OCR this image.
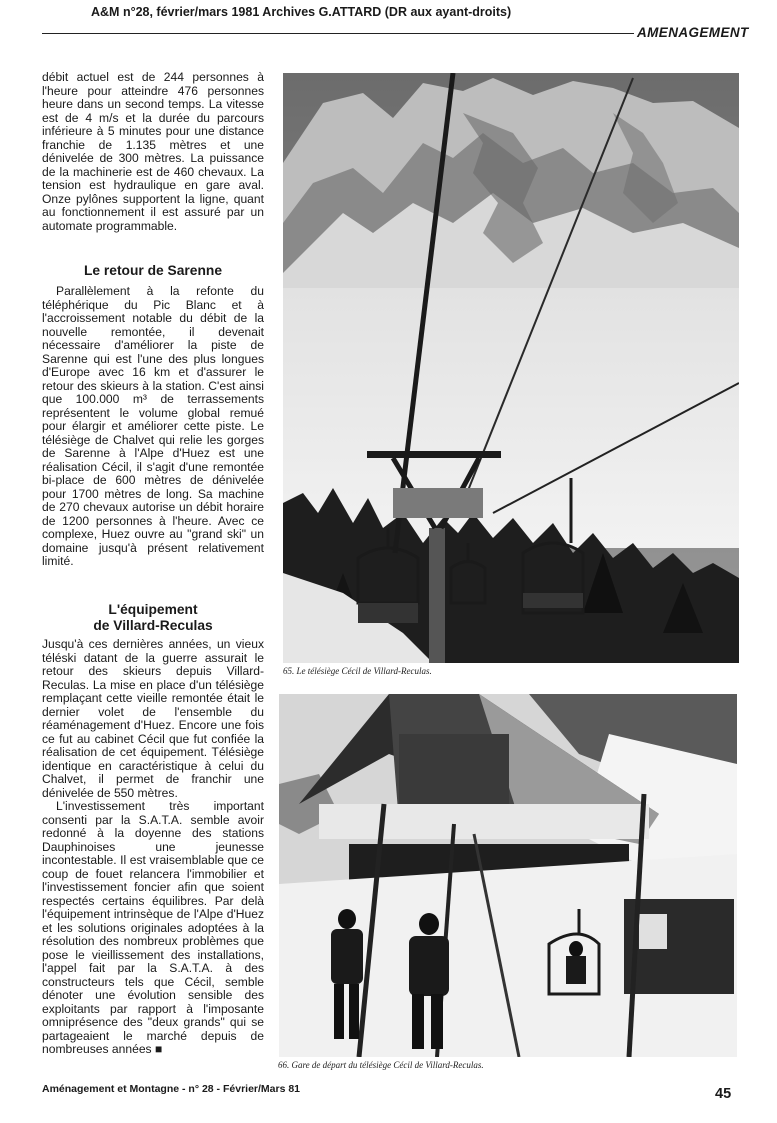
A&M n°28, février/mars 1981 Archives G.ATTARD (DR aux ayant-droits)
AMENAGEMENT

débit actuel est de 244 personnes à l'heure pour atteindre 476 personnes heure dans un second temps. La vitesse est de 4 m/s et la durée du parcours inférieure à 5 minutes pour une distance franchie de 1.135 mètres et une dénivelée de 300 mètres. La puissance de la machinerie est de 460 chevaux. La tension est hydraulique en gare aval. Onze pylônes supportent la ligne, quant au fonctionnement il est assuré par un automate programmable.

Le retour de Sarenne

Parallèlement à la refonte du téléphérique du Pic Blanc et à l'accroissement notable du débit de la nouvelle remontée, il devenait nécessaire d'améliorer la piste de Sarenne qui est l'une des plus longues d'Europe avec 16 km et d'assurer le retour des skieurs à la station. C'est ainsi que 100.000 m³ de terrassements représentent le volume global remué pour élargir et améliorer cette piste. Le télésiège de Chalvet qui relie les gorges de Sarenne à l'Alpe d'Huez est une réalisation Cécil, il s'agit d'une remontée bi-place de 600 mètres de dénivelée pour 1700 mètres de long. Sa machine de 270 chevaux autorise un débit horaire de 1200 personnes à l'heure. Avec ce complexe, Huez ouvre au "grand ski" un domaine jusqu'à présent relativement limité.

L'équipement
de Villard-Reculas

Jusqu'à ces dernières années, un vieux téléski datant de la guerre assurait le retour des skieurs depuis Villard-Reculas. La mise en place d'un télésiège remplaçant cette vieille remontée était le dernier volet de l'ensemble du réaménagement d'Huez. Encore une fois ce fut au cabinet Cécil que fut confiée la réalisation de cet équipement. Télésiège identique en caractéristique à celui du Chalvet, il permet de franchir une dénivelée de 550 mètres.

L'investissement très important consenti par la S.A.T.A. semble avoir redonné à la doyenne des stations Dauphinoises une jeunesse incontestable. Il est vraisemblable que ce coup de fouet relancera l'immobilier et l'investissement foncier afin que soient respectés certains équilibres. Par delà l'équipement intrinsèque de l'Alpe d'Huez et les solutions originales adoptées à la résolution des nombreux problèmes que pose le vieillissement des installations, l'appel fait par la S.A.T.A. à des constructeurs tels que Cécil, semble dénoter une évolution sensible des exploitants par rapport à l'imposante omniprésence des "deux grands" qui se partageaient le marché depuis de nombreuses années ■

65. Le télésiège Cécil de Villard-Reculas.
66. Gare de départ du télésiège Cécil de Villard-Reculas.
Aménagement et Montagne - n° 28 - Février/Mars 81	45
